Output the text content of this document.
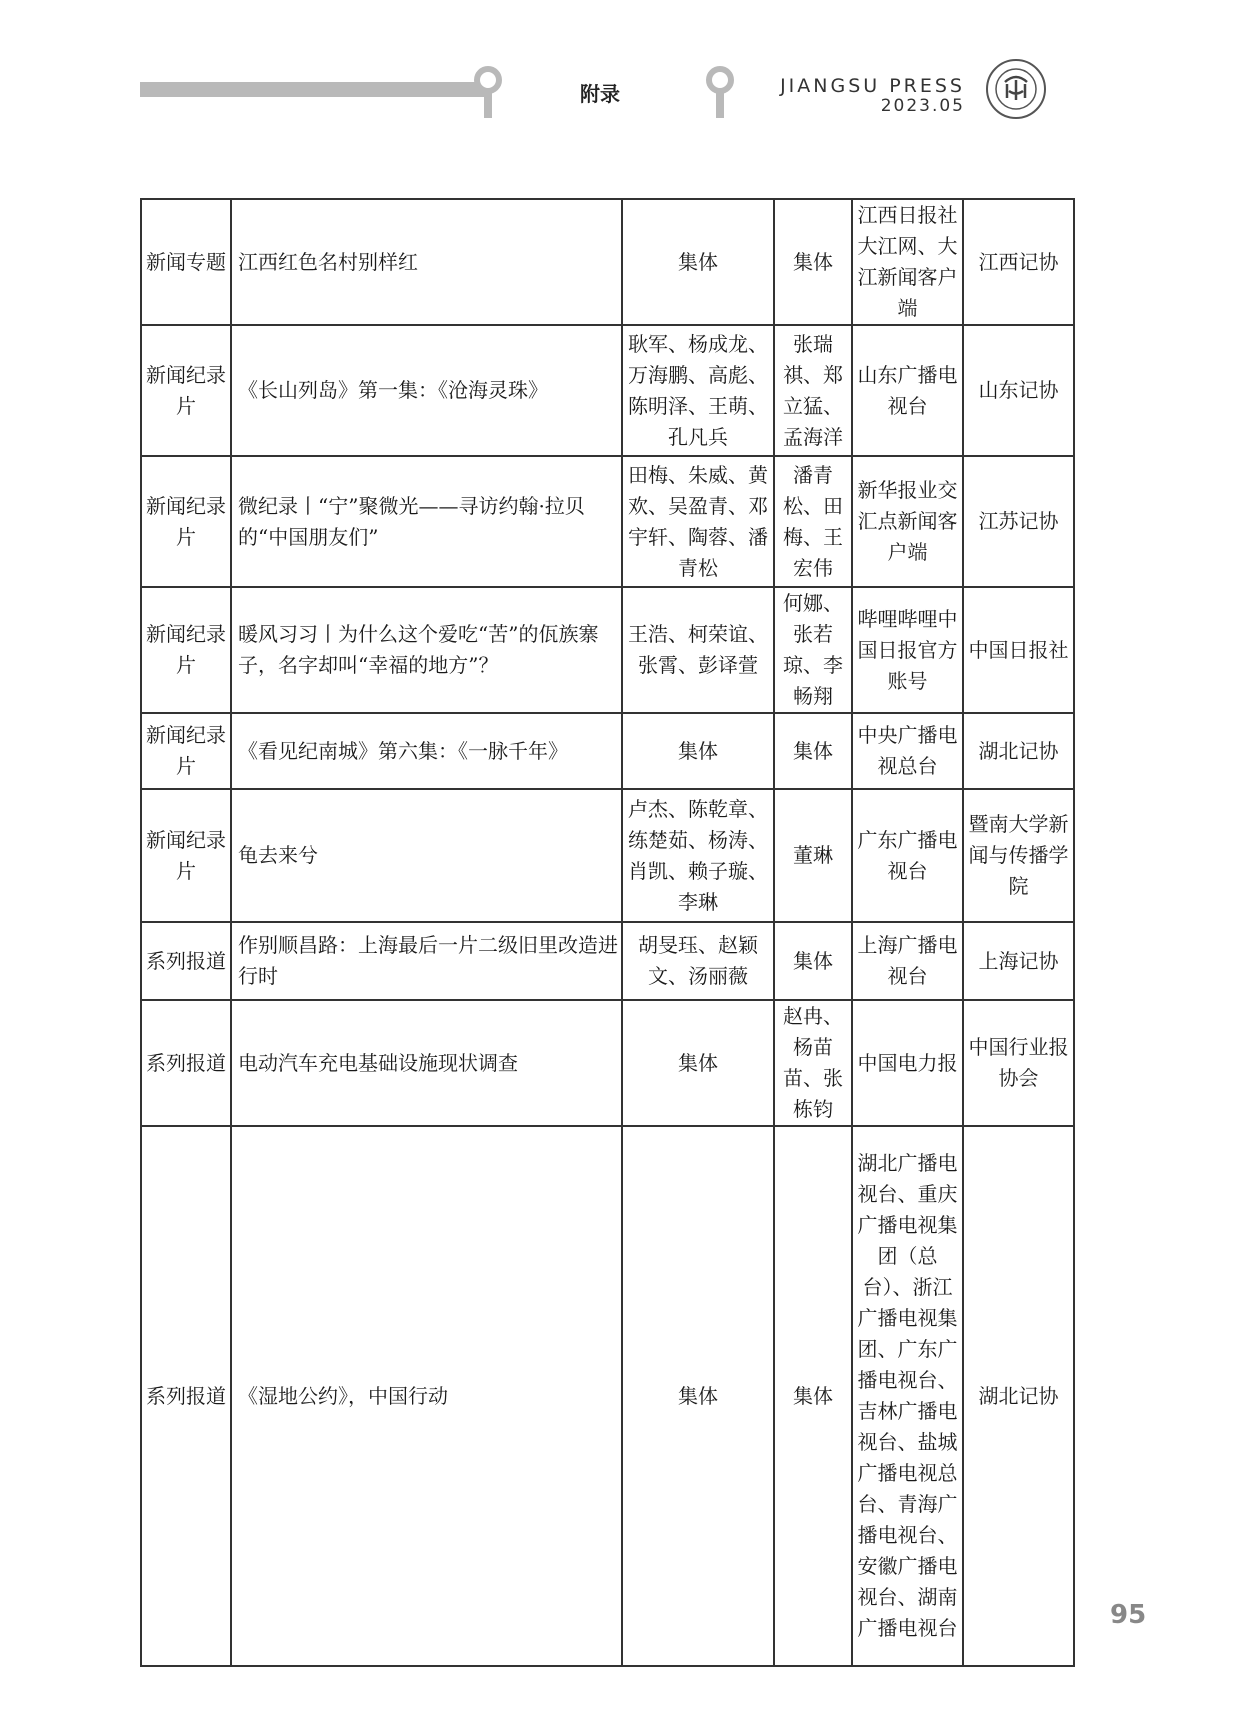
附录	JIANGSU PRESS
2023.05
新闻专题	江西红色名村别样红	集体	集体	江西日报社大江网、大江新闻客户端	江西记协
新闻纪录片	《长山列岛》第一集：《沧海灵珠》	耿军、杨成龙、万海鹏、高彪、陈明泽、王萌、孔凡兵	张瑞祺、郑立猛、孟海洋	山东广播电视台	山东记协
新闻纪录片	微纪录丨“宁”聚微光——寻访约翰·拉贝的“中国朋友们”	田梅、朱威、黄欢、吴盈青、邓宇轩、陶蓉、潘青松	潘青松、田梅、王宏伟	新华报业交汇点新闻客户端	江苏记协
新闻纪录片	暖风习习丨为什么这个爱吃“苦”的佤族寨子，名字却叫“幸福的地方”？	王浩、柯荣谊、张霄、彭译萱	何娜、张若琼、李畅翔	哔哩哔哩中国日报官方账号	中国日报社
新闻纪录片	《看见纪南城》第六集：《一脉千年》	集体	集体	中央广播电视总台	湖北记协
新闻纪录片	龟去来兮	卢杰、陈乾章、练楚茹、杨涛、肖凯、赖子璇、李琳	董琳	广东广播电视台	暨南大学新闻与传播学院
系列报道	作别顺昌路：上海最后一片二级旧里改造进行时	胡旻珏、赵颖文、汤丽薇	集体	上海广播电视台	上海记协
系列报道	电动汽车充电基础设施现状调查	集体	赵冉、杨苗苗、张栋钧	中国电力报	中国行业报协会
系列报道	《湿地公约》，中国行动	集体	集体	湖北广播电视台、重庆广播电视集团（总台）、浙江广播电视集团、广东广播电视台、吉林广播电视台、盐城广播电视总台、青海广播电视台、安徽广播电视台、湖南广播电视台	湖北记协
95
